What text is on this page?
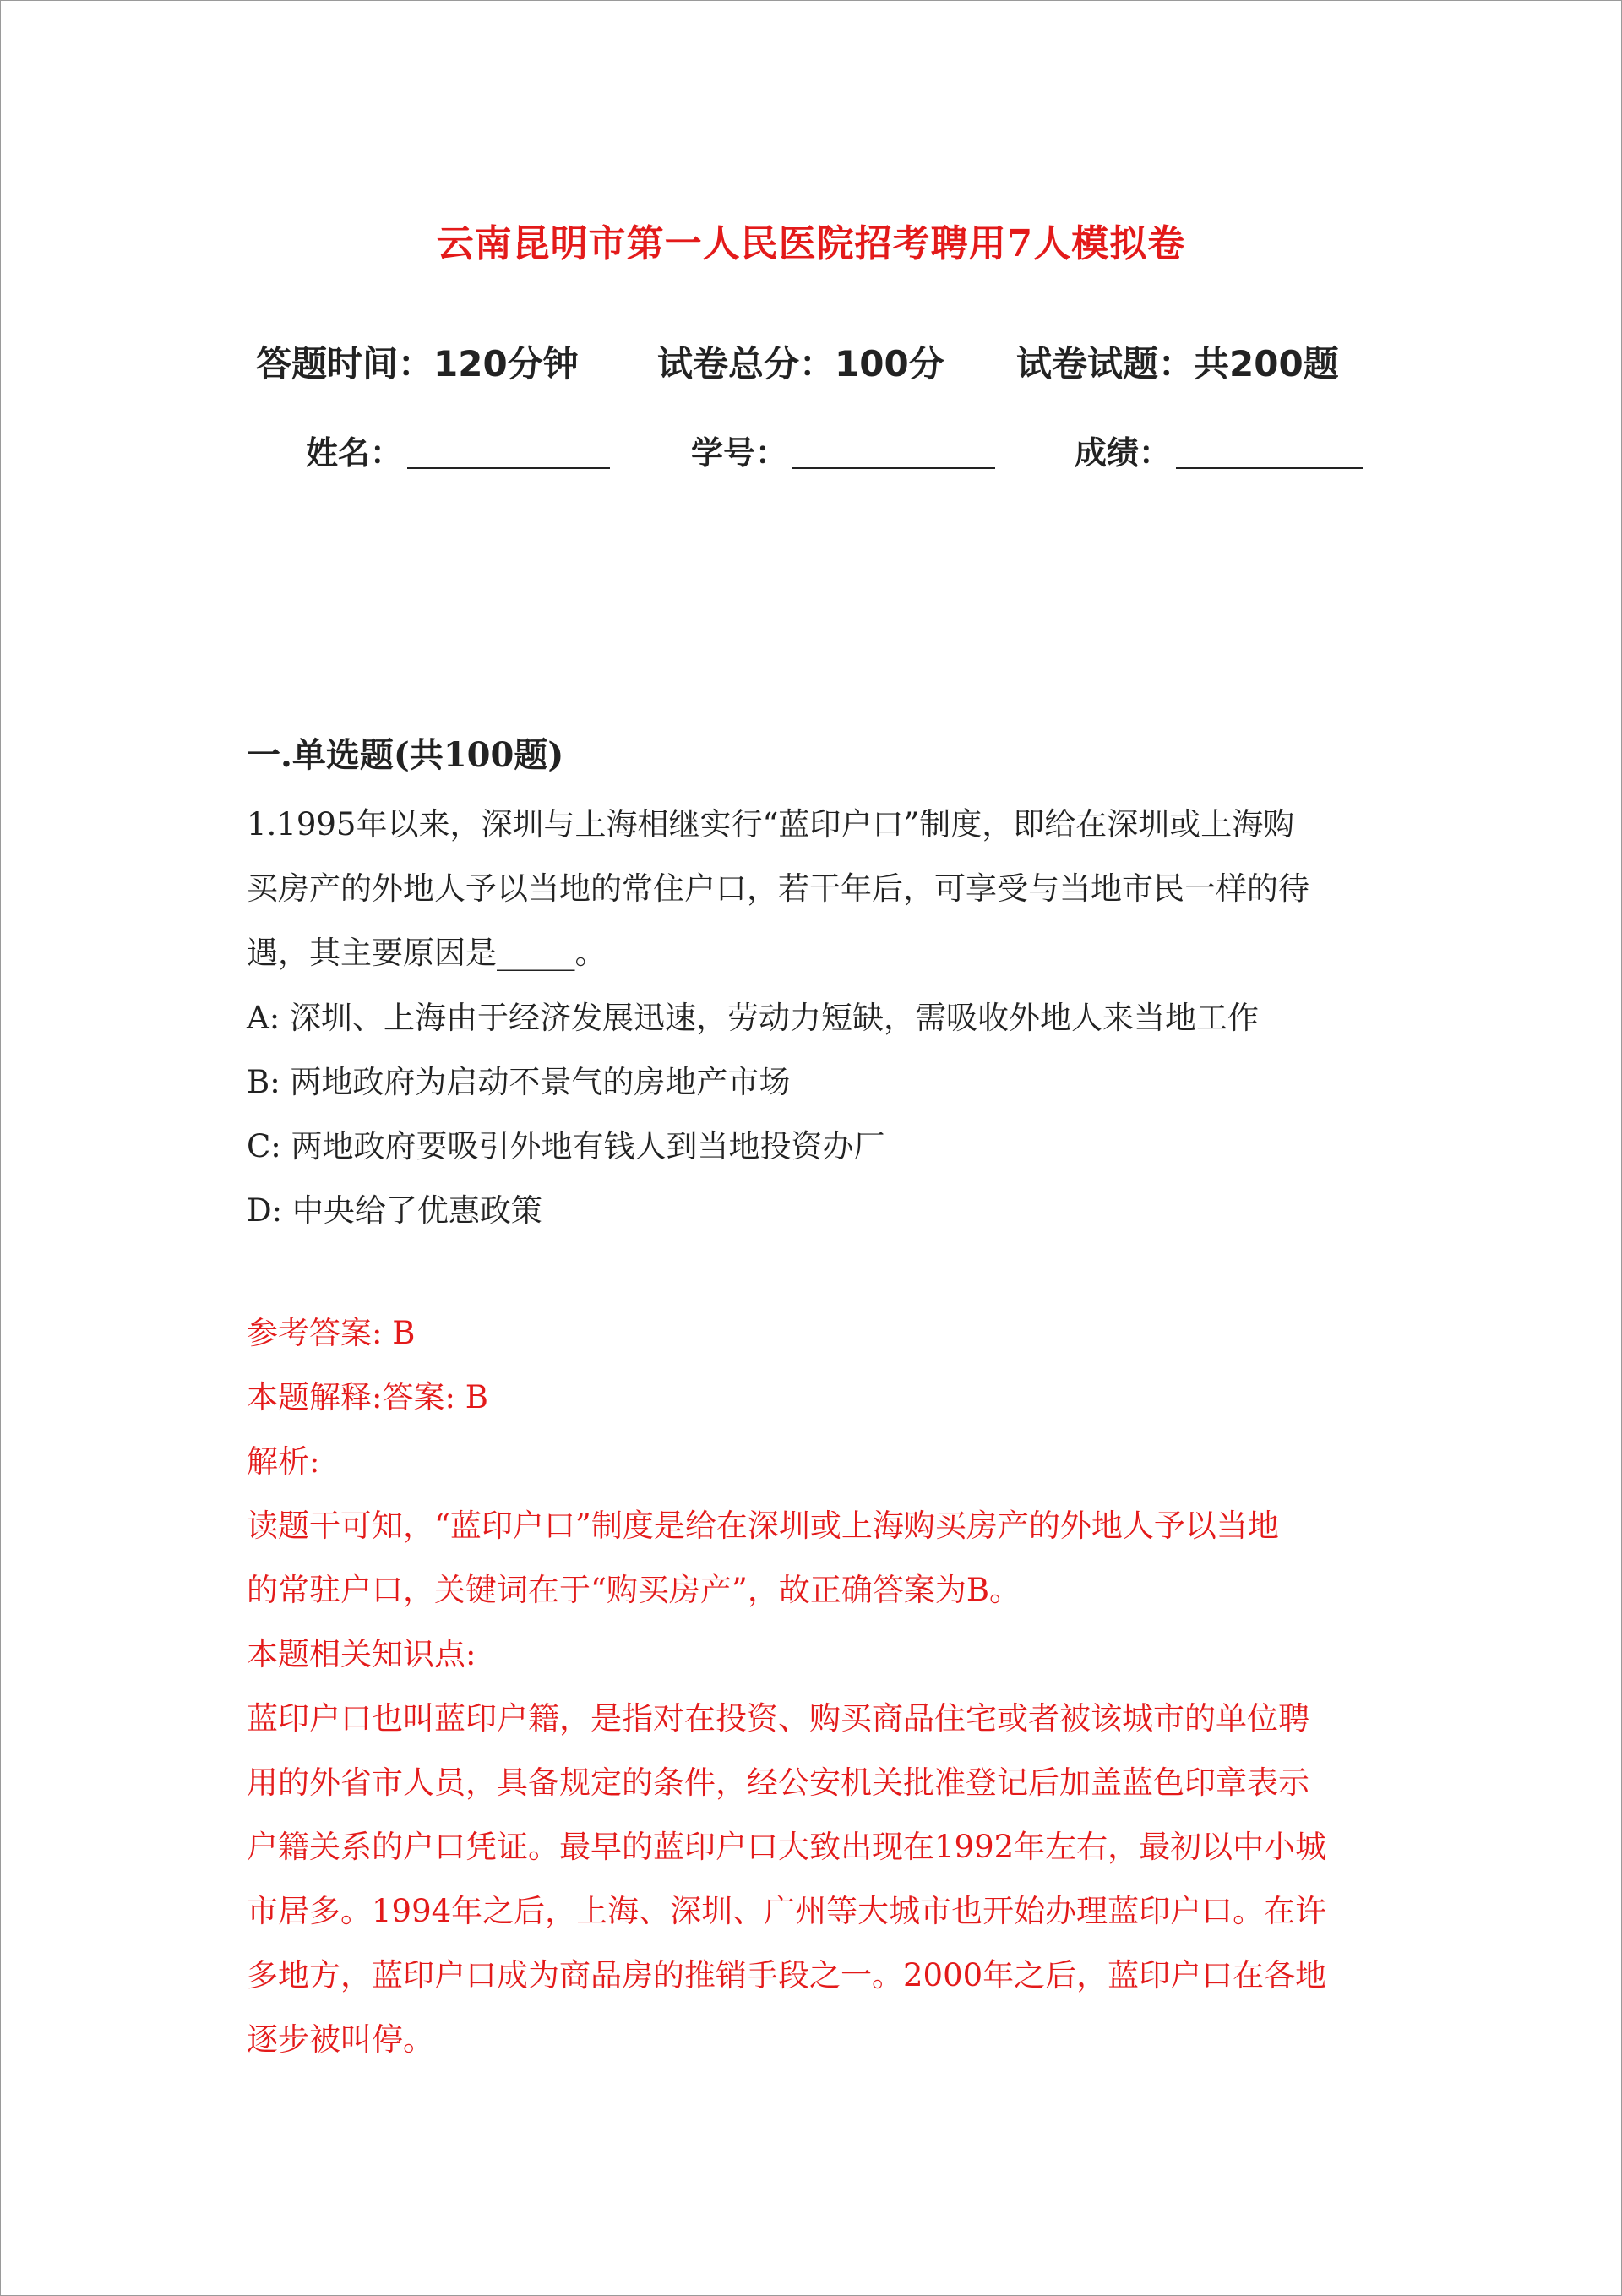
云南昆明市第一人民医院招考聘用7人模拟卷
答题时间：120分钟 试卷总分：100分 试卷试题：共200题
姓名：	学号：	成绩：
一.单选题(共100题)

1.1995年以来，深圳与上海相继实行“蓝印户口”制度，即给在深圳或上海购

买房产的外地人予以当地的常住户口，若干年后，可享受与当地市民一样的待

遇，其主要原因是_____。

A: 深圳、上海由于经济发展迅速，劳动力短缺，需吸收外地人来当地工作

B: 两地政府为启动不景气的房地产市场

C: 两地政府要吸引外地有钱人到当地投资办厂

D: 中央给了优惠政策

参考答案: B

本题解释:答案: B

解析:

读题干可知，“蓝印户口”制度是给在深圳或上海购买房产的外地人予以当地

的常驻户口，关键词在于“购买房产”，故正确答案为B。

本题相关知识点:

蓝印户口也叫蓝印户籍，是指对在投资、购买商品住宅或者被该城市的单位聘

用的外省市人员，具备规定的条件，经公安机关批准登记后加盖蓝色印章表示

户籍关系的户口凭证。最早的蓝印户口大致出现在1992年左右，最初以中小城

市居多。1994年之后，上海、深圳、广州等大城市也开始办理蓝印户口。在许

多地方，蓝印户口成为商品房的推销手段之一。2000年之后，蓝印户口在各地

逐步被叫停。
